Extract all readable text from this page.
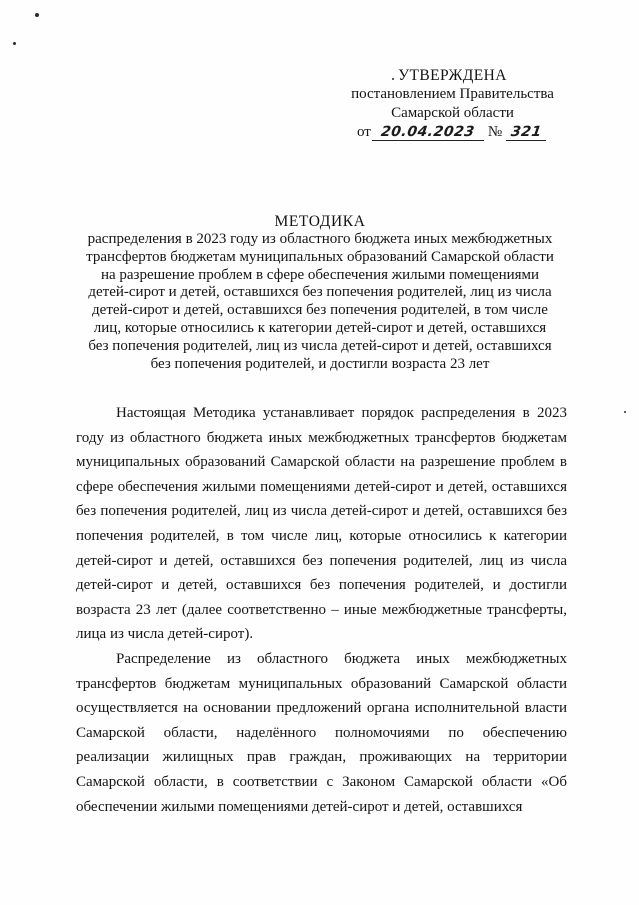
УТВЕРЖДЕНА
постановлением Правительства
Самарской области
от 20.04.2023 № 321
МЕТОДИКА
распределения в 2023 году из областного бюджета иных межбюджетных
трансфертов бюджетам муниципальных образований Самарской области
на разрешение проблем в сфере обеспечения жилыми помещениями
детей-сирот и детей, оставшихся без попечения родителей, лиц из числа
детей-сирот и детей, оставшихся без попечения родителей, в том числе
лиц, которые относились к категории детей-сирот и детей, оставшихся
без попечения родителей, лиц из числа детей-сирот и детей, оставшихся
без попечения родителей, и достигли возраста 23 лет

Настоящая Методика устанавливает порядок распределения в 2023 году из областного бюджета иных межбюджетных трансфертов бюджетам муниципальных образований Самарской области на разрешение проблем в сфере обеспечения жилыми помещениями детей-сирот и детей, оставшихся без попечения родителей, лиц из числа детей-сирот и детей, оставшихся без попечения родителей, в том числе лиц, которые относились к категории детей-сирот и детей, оставшихся без попечения родителей, лиц из числа детей-сирот и детей, оставшихся без попечения родителей, и достигли возраста 23 лет (далее соответственно – иные межбюджетные трансферты, лица из числа детей-сирот).

Распределение из областного бюджета иных межбюджетных трансфертов бюджетам муниципальных образований Самарской области осуществляется на основании предложений органа исполнительной власти Самарской области, наделённого полномочиями по обеспечению реализации жилищных прав граждан, проживающих на территории Самарской области, в соответствии с Законом Самарской области «Об обеспечении жилыми помещениями детей-сирот и детей, оставшихся
